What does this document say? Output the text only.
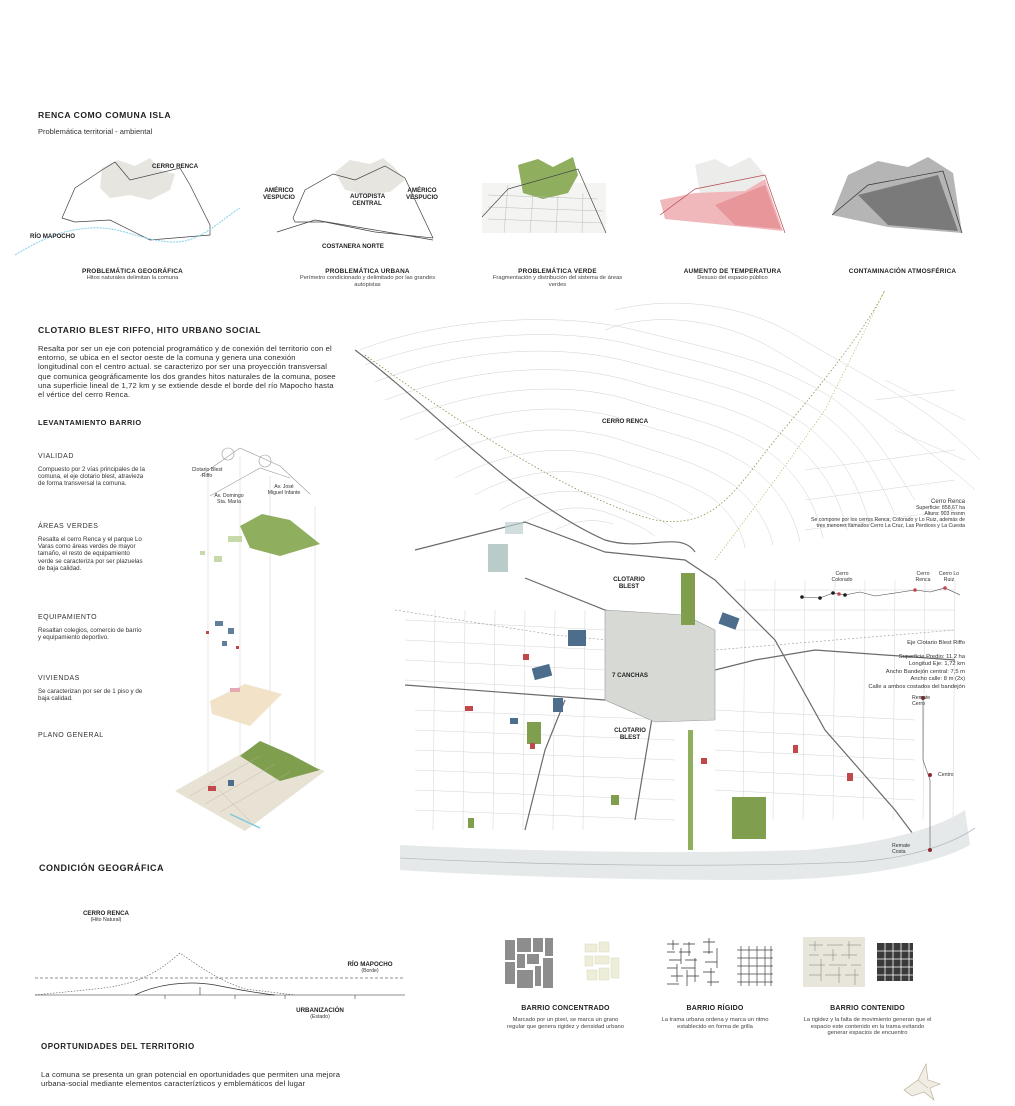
RENCA COMO COMUNA ISLA
Problemática territorial - ambiental
CERRO RENCA
RÍO MAPOCHO
AMÉRICO VESPUCIO	AUTOPISTA CENTRAL
AMÉRICO VESPUCIO
COSTANERA NORTE
PROBLEMÁTICA GEOGRÁFICA
Hitos naturales delimitan la comuna
PROBLEMÁTICA URBANA
Perímetro condicionado y delimitado por las grandes autopistas
PROBLEMÁTICA VERDE
Fragmentación y distribución del sistema de áreas verdes
AUMENTO DE TEMPERATURA
Desuso del espacio público
CONTAMINACIÓN ATMOSFÉRICA
CLOTARIO BLEST RIFFO, HITO URBANO SOCIAL
Resalta por ser un eje con potencial programático y de conexión del territorio con el entorno, se ubica en el sector oeste de la comuna y genera una conexión longitudinal con el centro actual. se caracterizo por ser una proyección transversal que comunica geográficamente los dos grandes hitos naturales de la comuna, posee una superficie lineal de 1,72 km y se extiende desde el borde del río Mapocho hasta el vértice del cerro Renca.
LEVANTAMIENTO BARRIO
VIALIDAD
Compuesto por 2 vías principales de la comuna, el eje clotario blest, atravieza de forma transversal la comuna.
ÁREAS VERDES
Resalta el cerro Renca y el parque Lo Varas como áreas verdes de mayor tamaño, el resto de equipamiento verde se caracteriza por ser plazuelas de baja calidad.
EQUIPAMIENTO
Resaltan colegios, comercio de barrio y equipamiento deportivo.
VIVIENDAS
Se caracterizan por ser de 1 piso y de baja calidad.
PLANO GENERAL
Clotario Blest Riffo
Av. Domingo Sta. María
Av. José Miguel Infante
CERRO RENCA
CLOTARIO BLEST
7 CANCHAS
CLOTARIO BLEST
Cerro Renca
Superficie: 858,67 ha
Altura: 903 msnm
Se compone por los cerros Renca, Colorado y Lo Ruiz, además de tres menores llamados Cerro La Cruz, Las Perdices y La Cuesta
Cerro Colorado
Cerro Renca
Cerro Lo Ruiz
Eje Clotario Blest Riffo
Superficie Predio: 11,2 ha
Longitud Eje: 1,72 km
Ancho Bandejón central: 7,5 m
Ancho calle: 8 m (2x)
Calle a ambos costados del bandejón
Remate Cerro
Centro
Remate Costa
CONDICIÓN GEOGRÁFICA
CERRO RENCA
(Hito Natural)
RÍO MAPOCHO
(Borde)
URBANIZACIÓN
(Estado)
BARRIO CONCENTRADO
Marcado por un pixel, se marca un grano regular que genera rigidez y densidad urbano
BARRIO RÍGIDO
La trama urbana ordena y marca un ritmo establecido en forma de grilla
BARRIO CONTENIDO
La rigidez y la falta de movimiento generan que el espacio este contenido en la trama evitando generar espacios de encuentro
OPORTUNIDADES DEL TERRITORIO
La comuna se presenta un gran potencial en oportunidades que permiten una mejora urbana-social mediante elementos caracterízticos y emblemáticos del lugar
